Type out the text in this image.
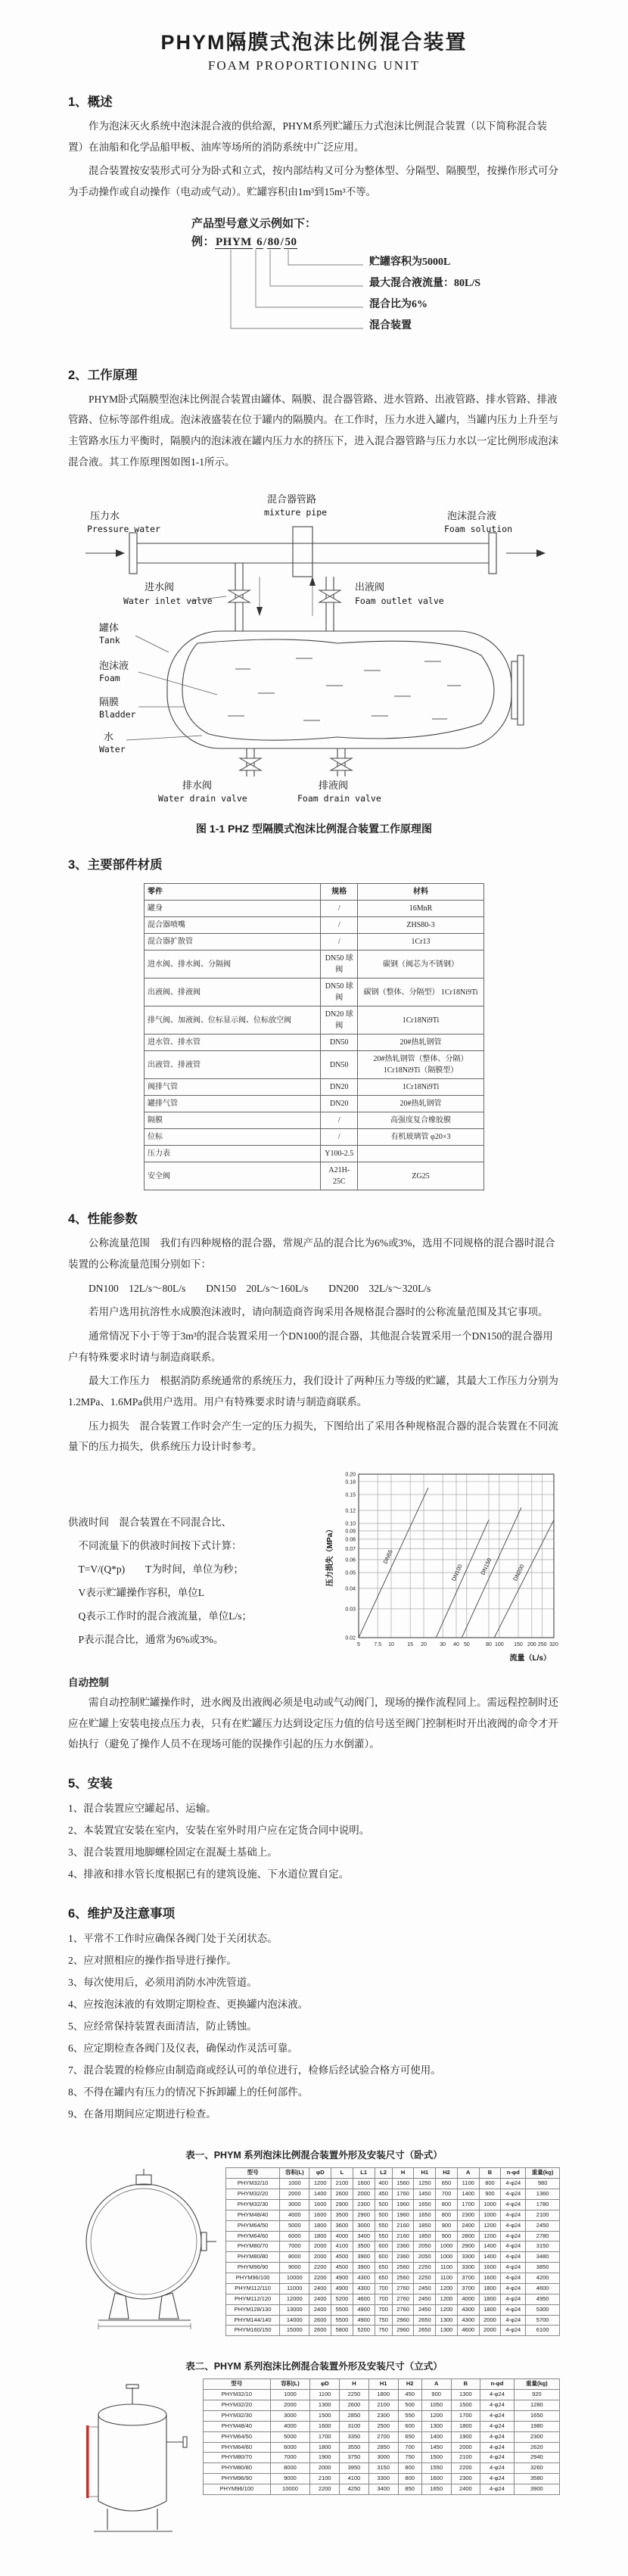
PHYM隔膜式泡沫比例混合装置
FOAM PROPORTIONING UNIT
1、概述

作为泡沫灭火系统中泡沫混合液的供给源，PHYM系列贮罐压力式泡沫比例混合装置（以下简称混合装置）在油船和化学品船甲板、油库等场所的消防系统中广泛应用。

混合装置按安装形式可分为卧式和立式，按内部结构又可分为整体型、分隔型、隔膜型，按操作形式可分为手动操作或自动操作（电动或气动）。贮罐容积由1m³到15m³不等。

产品型号意义示例如下：
例：PHYM 6/80/50
贮罐容积为5000L
最大混合液流量：80L/S
混合比为6%
混合装置
2、工作原理

PHYM卧式隔膜型泡沫比例混合装置由罐体、隔膜、混合器管路、进水管路、出液管路、排水管路、排液管路、位标等部件组成。泡沫液盛装在位于罐内的隔膜内。在工作时，压力水进入罐内，当罐内压力上升至与主管路水压力平衡时，隔膜内的泡沫液在罐内压力水的挤压下，进入混合器管路与压力水以一定比例形成泡沫混合液。其工作原理图如图1-1所示。

压力水
Pressure water
混合器管路
mixture pipe	泡沫混合液
Foam solution
进水阀
Water inlet valve
出液阀
Foam outlet valve
罐体
Tank
泡沫液
Foam
隔膜
Bladder
水
Water
排水阀
Water drain valve
排液阀
Foam drain valve
图 1-1 PHZ 型隔膜式泡沫比例混合装置工作原理图
3、主要部件材质
零件	规格	材料
罐身	/	16MnR
混合器喷嘴	/	ZHS80-3
混合器扩散管	/	1Cr13
进水阀、排水阀、分隔阀	DN50 球阀	碳钢（阀芯为不锈钢）
出液阀、排液阀	DN50 球阀	碳钢（整体、分隔型） 1Cr18Ni9Ti
排气阀、加液阀、位标显示阀、位标放空阀	DN20 球阀	1Cr18Ni9Ti
进水管、排水管	DN50	20#热轧钢管
出液管、排液管	DN50	20#热轧钢管（整体、分隔） 1Cr18Ni9Ti（隔膜型）
阀排气管	DN20	1Cr18Ni9Ti
罐排气管	DN20	20#热轧钢管
隔膜	/	高强度复合橡胶膜
位标	/	有机玻璃管 φ20×3
压力表	Y100-2.5	
安全阀	A21H-25C	ZG25
4、性能参数

公称流量范围　我们有四种规格的混合器，常规产品的混合比为6%或3%，选用不同规格的混合器时混合装置的公称流量范围分别如下：

DN100　12L/s～80L/s　　DN150　20L/s～160L/s　　DN200　32L/s～320L/s

若用户选用抗溶性水成膜泡沫液时，请向制造商咨询采用各规格混合器时的公称流量范围及其它事项。

通常情况下小于等于3m³的混合装置采用一个DN100的混合器，其他混合装置采用一个DN150的混合器用户有特殊要求时请与制造商联系。

最大工作压力　根据消防系统通常的系统压力，我们设计了两种压力等级的贮罐，其最大工作压力分别为1.2MPa、1.6MPa供用户选用。用户有特殊要求时请与制造商联系。

压力损失　混合装置工作时会产生一定的压力损失，下图给出了采用各种规格混合器的混合装置在不同流量下的压力损失，供系统压力设计时参考。

供液时间　混合装置在不同混合比、
不同流量下的供液时间按下式计算：
T=V/(Q*p)　　T为时间，单位为秒；
V表示贮罐操作容积，单位L
Q表示工作时的混合液流量，单位L/s；
P表示混合比，通常为6%或3%。	5	7.5 10 15 20 30 40 50	80 100 150 200 250 320
0.02
0.03
0.04
0.05
0.06
0.07
0.08
0.09
0.10
0.12
0.15
0.18
0.20
DN65
DN100	DN150	DN200
压力损失（MPa）
流量（L/s）
自动控制

需自动控制贮罐操作时，进水阀及出液阀必须是电动或气动阀门，现场的操作流程同上。需远程控制时还应在贮罐上安装电接点压力表，只有在贮罐压力达到设定压力值的信号送至阀门控制柜时开出液阀的命令才开始执行（避免了操作人员不在现场可能的误操作引起的压力水倒灌）。

5、安装
1、混合装置应空罐起吊、运输。
2、本装置宜安装在室内，安装在室外时用户应在定货合同中说明。
3、混合装置用地脚螺栓固定在混凝土基础上。
4、排液和排水管长度根据已有的建筑设施、下水道位置自定。
6、维护及注意事项
1、平常不工作时应确保各阀门处于关闭状态。
2、应对照相应的操作指导进行操作。
3、每次使用后，必须用消防水冲洗管道。
4、应按泡沫液的有效期定期检查、更换罐内泡沫液。
5、应经常保持装置表面清洁，防止锈蚀。
6、应定期检查各阀门及仪表，确保动作灵活可靠。
7、混合装置的检修应由制造商或经认可的单位进行，检修后经试验合格方可使用。
8、不得在罐内有压力的情况下拆卸罐上的任何部件。
9、在备用期间应定期进行检查。
表一、PHYM 系列泡沫比例混合装置外形及安装尺寸（卧式）
型号	容积(L)	φD	L	L1	L2	H	H1	H2	A	B	n-φd	重量(kg)
PHYM32/10	1000	1200	2100	1600	400	1560	1250	650	1100	800	4-φ24	980
PHYM32/20	2000	1400	2600	2000	450	1760	1450	700	1400	900	4-φ24	1360
PHYM32/30	3000	1600	2900	2300	500	1960	1650	800	1700	1000	4-φ24	1780
PHYM48/40	4000	1600	3500	2900	500	1960	1650	800	2300	1000	4-φ24	2100
PHYM64/50	5000	1800	3600	3000	550	2160	1850	900	2400	1200	4-φ24	2450
PHYM64/60	6000	1800	4000	3400	550	2160	1850	900	2800	1200	4-φ24	2780
PHYM80/70	7000	2000	4100	3500	600	2360	2050	1000	2900	1400	4-φ24	3150
PHYM80/80	8000	2000	4500	3900	600	2360	2050	1000	3300	1400	4-φ24	3480
PHYM96/90	9000	2200	4500	3900	650	2560	2250	1100	3300	1600	4-φ24	3850
PHYM96/100	10000	2200	4900	4300	650	2560	2250	1100	3700	1600	4-φ24	4200
PHYM112/110	11000	2400	4900	4300	700	2760	2450	1200	3700	1800	4-φ24	4600
PHYM112/120	12000	2400	5200	4600	700	2760	2450	1200	4000	1800	4-φ24	4950
PHYM128/130	13000	2400	5500	4900	700	2760	2450	1200	4300	1800	4-φ24	5300
PHYM144/140	14000	2600	5500	4900	750	2960	2650	1300	4300	2000	4-φ24	5700
PHYM160/150	15000	2600	5800	5200	750	2960	2650	1300	4600	2000	4-φ24	6100
表二、PHYM 系列泡沫比例混合装置外形及安装尺寸（立式）
型号	容积(L)	φD	H	H1	H2	A	B	n-φd	重量(kg)
PHYM32/10	1000	1100	2250	1800	450	900	1300	4-φ24	920
PHYM32/20	2000	1300	2600	2100	500	1050	1500	4-φ24	1280
PHYM32/30	3000	1500	2850	2300	550	1200	1700	4-φ24	1650
PHYM48/40	4000	1600	3100	2500	600	1300	1800	4-φ24	1980
PHYM64/50	5000	1700	3350	2700	650	1400	1900	4-φ24	2300
PHYM64/60	6000	1800	3550	2850	700	1450	2000	4-φ24	2620
PHYM80/70	7000	1900	3750	3000	750	1500	2100	4-φ24	2940
PHYM80/80	8000	2000	3950	3150	800	1550	2200	4-φ24	3260
PHYM96/90	9000	2100	4100	3300	800	1600	2300	4-φ24	3580
PHYM96/100	10000	2200	4250	3400	850	1650	2400	4-φ24	3900
